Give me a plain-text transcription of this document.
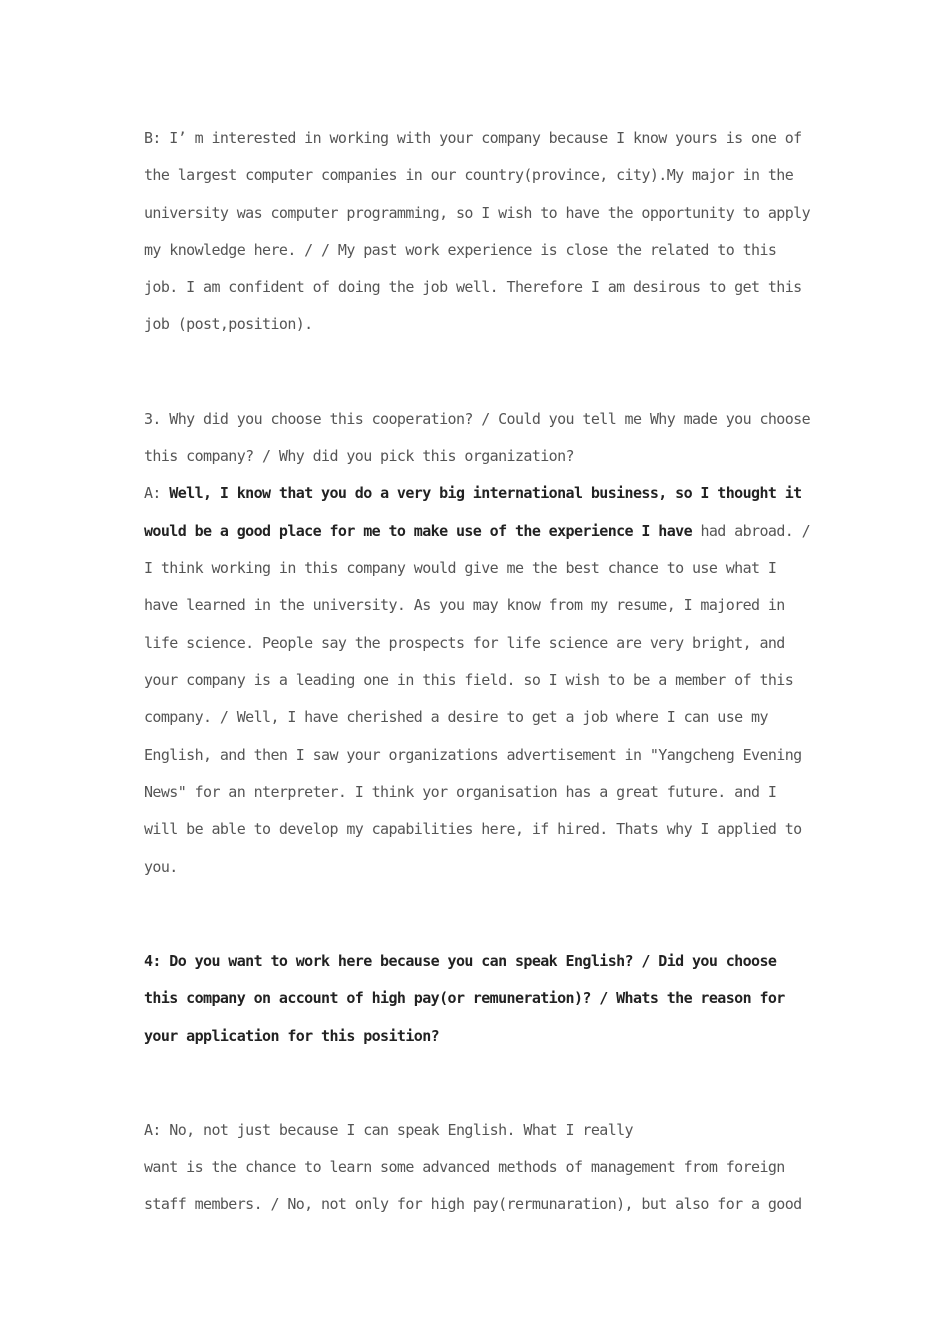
B: I’ m interested in working with your company because I know yours is one of
the largest computer companies in our country(province, city).My major in the
university was computer programming, so I wish to have the opportunity to apply
my knowledge here. / / My past work experience is close the related to this
job. I am confident of doing the job well. Therefore I am desirous to get this
job (post,position).
3. Why did you choose this cooperation? / Could you tell me Why made you choose
this company? / Why did you pick this organization?
A: Well, I know that you do a very big international business, so I thought it
would be a good place for me to make use of the experience I have had abroad. /
I think working in this company would give me the best chance to use what I
have learned in the university. As you may know from my resume, I majored in
life science. People say the prospects for life science are very bright, and
your company is a leading one in this field. so I wish to be a member of this
company. / Well, I have cherished a desire to get a job where I can use my
English, and then I saw your organizations advertisement in "Yangcheng Evening
News" for an nterpreter. I think yor organisation has a great future. and I
will be able to develop my capabilities here, if hired. Thats why I applied to
you.
4: Do you want to work here because you can speak English? / Did you choose
this company on account of high pay(or remuneration)? / Whats the reason for
your application for this position?
A: No, not just because I can speak English. What I really
want is the chance to learn some advanced methods of management from foreign
staff members. / No, not only for high pay(rermunaration), but also for a good
